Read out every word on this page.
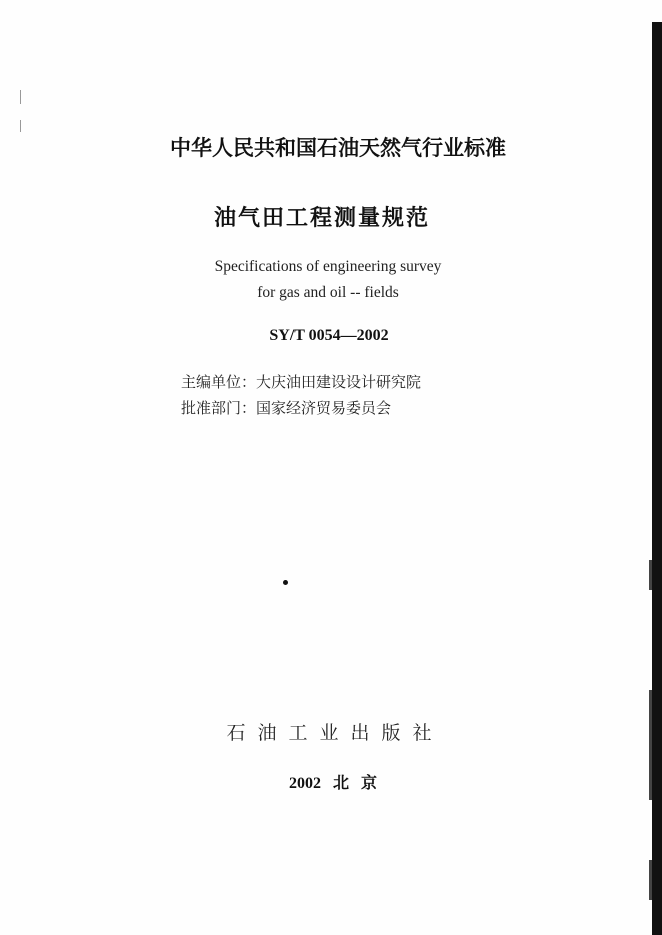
中华人民共和国石油天然气行业标准
油气田工程测量规范
Specifications of engineering survey
for gas and oil -- fields
SY/T 0054—2002
主编单位：大庆油田建设设计研究院
批准部门：国家经济贸易委员会
石油工业出版社
2002 北 京
